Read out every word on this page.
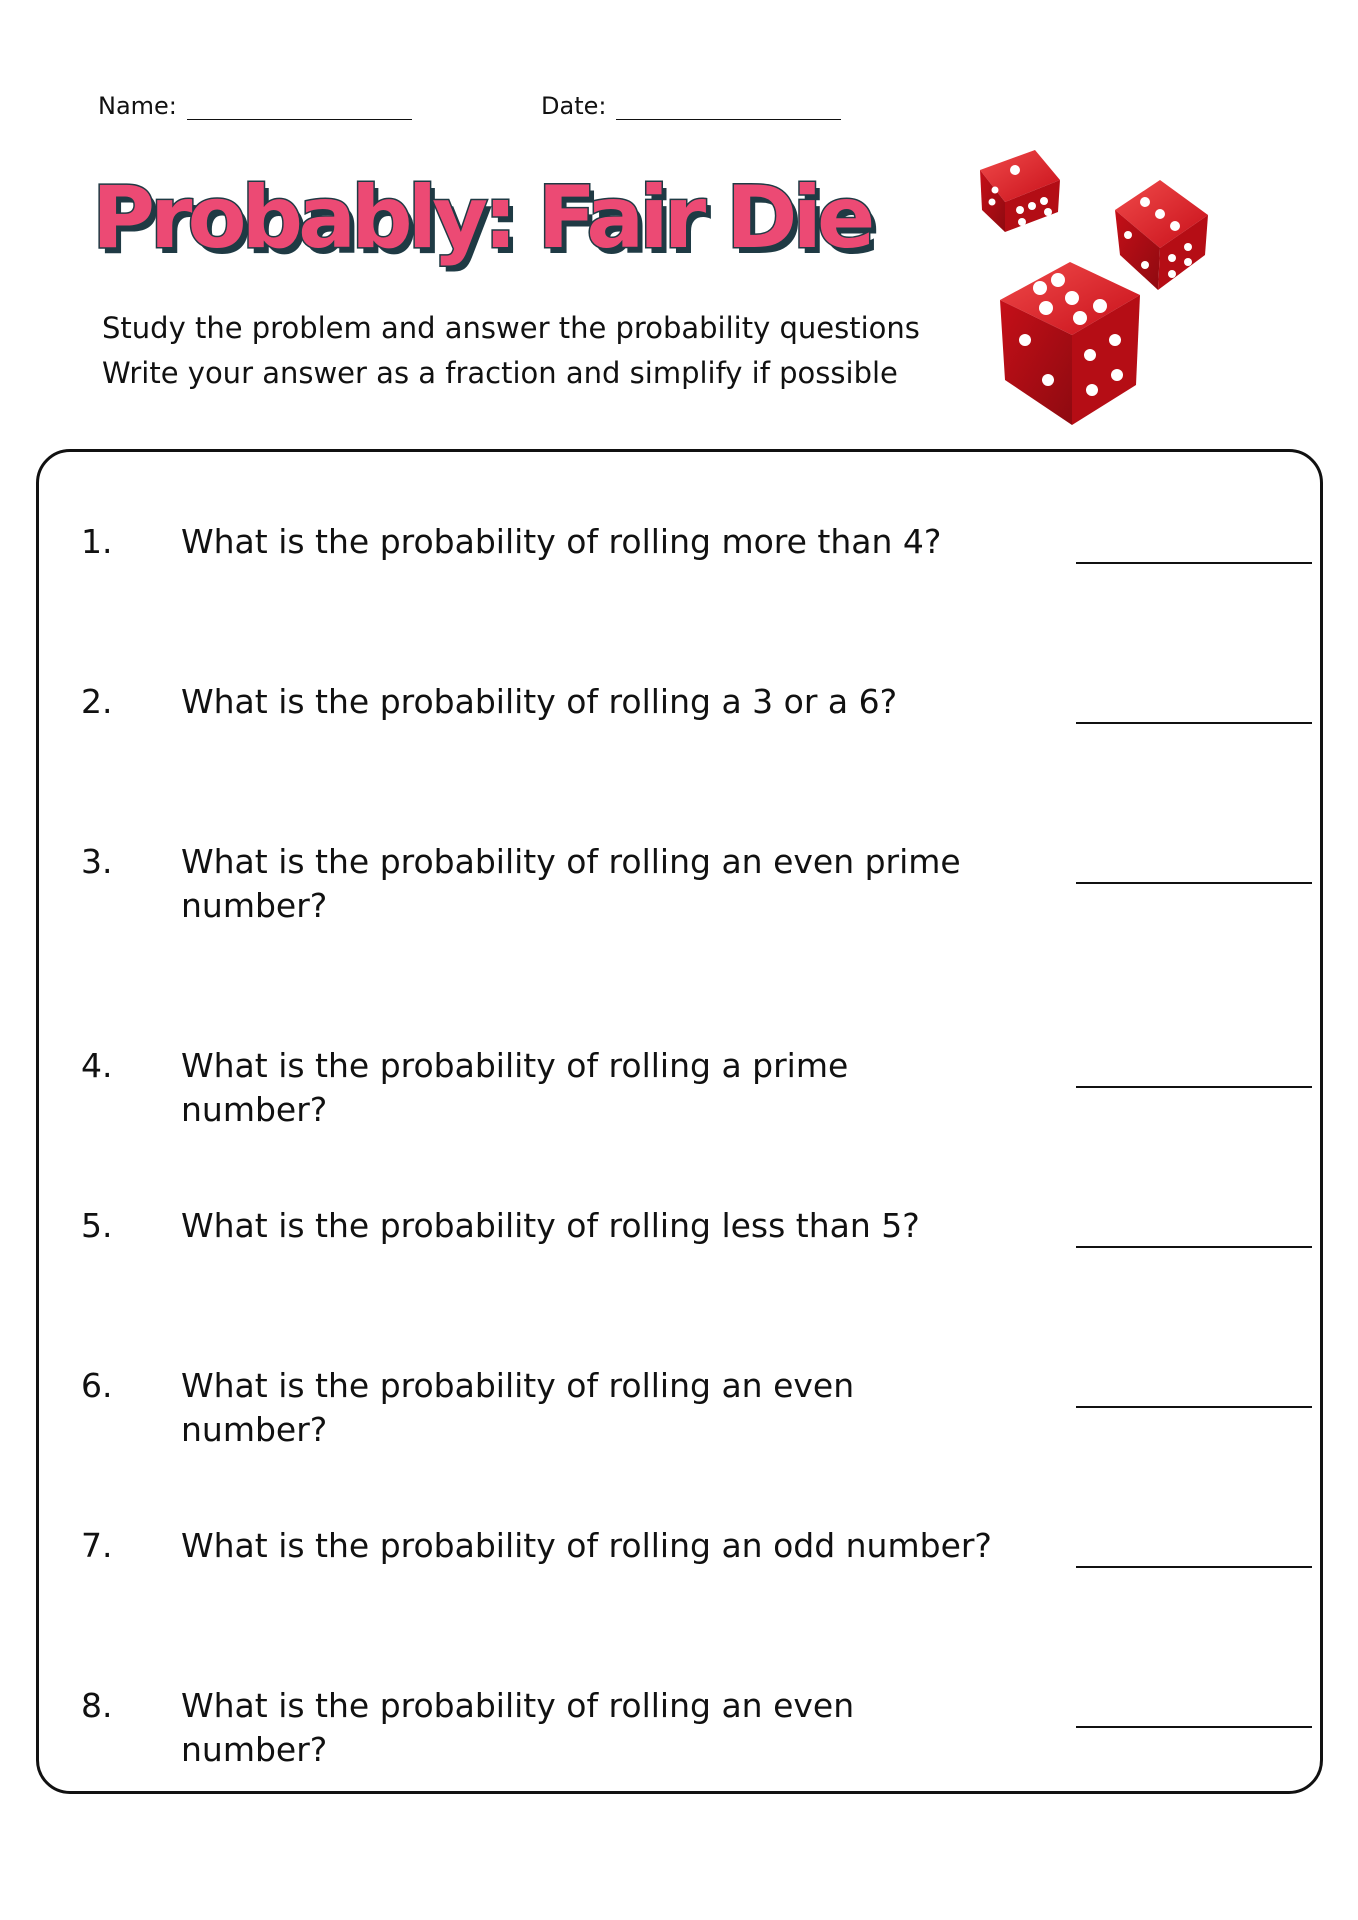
Name:	Date:
Probably: Fair Die
Study the problem and answer the probability questions
Write your answer as a fraction and simplify if possible
1. What is the probability of rolling more than 4?
2. What is the probability of rolling a 3 or a 6?
3. What is the probability of rolling an even prime number?
4. What is the probability of rolling a prime number?
5. What is the probability of rolling less than 5?
6. What is the probability of rolling an even number?
7. What is the probability of rolling an odd number?
8. What is the probability of rolling an even number?
